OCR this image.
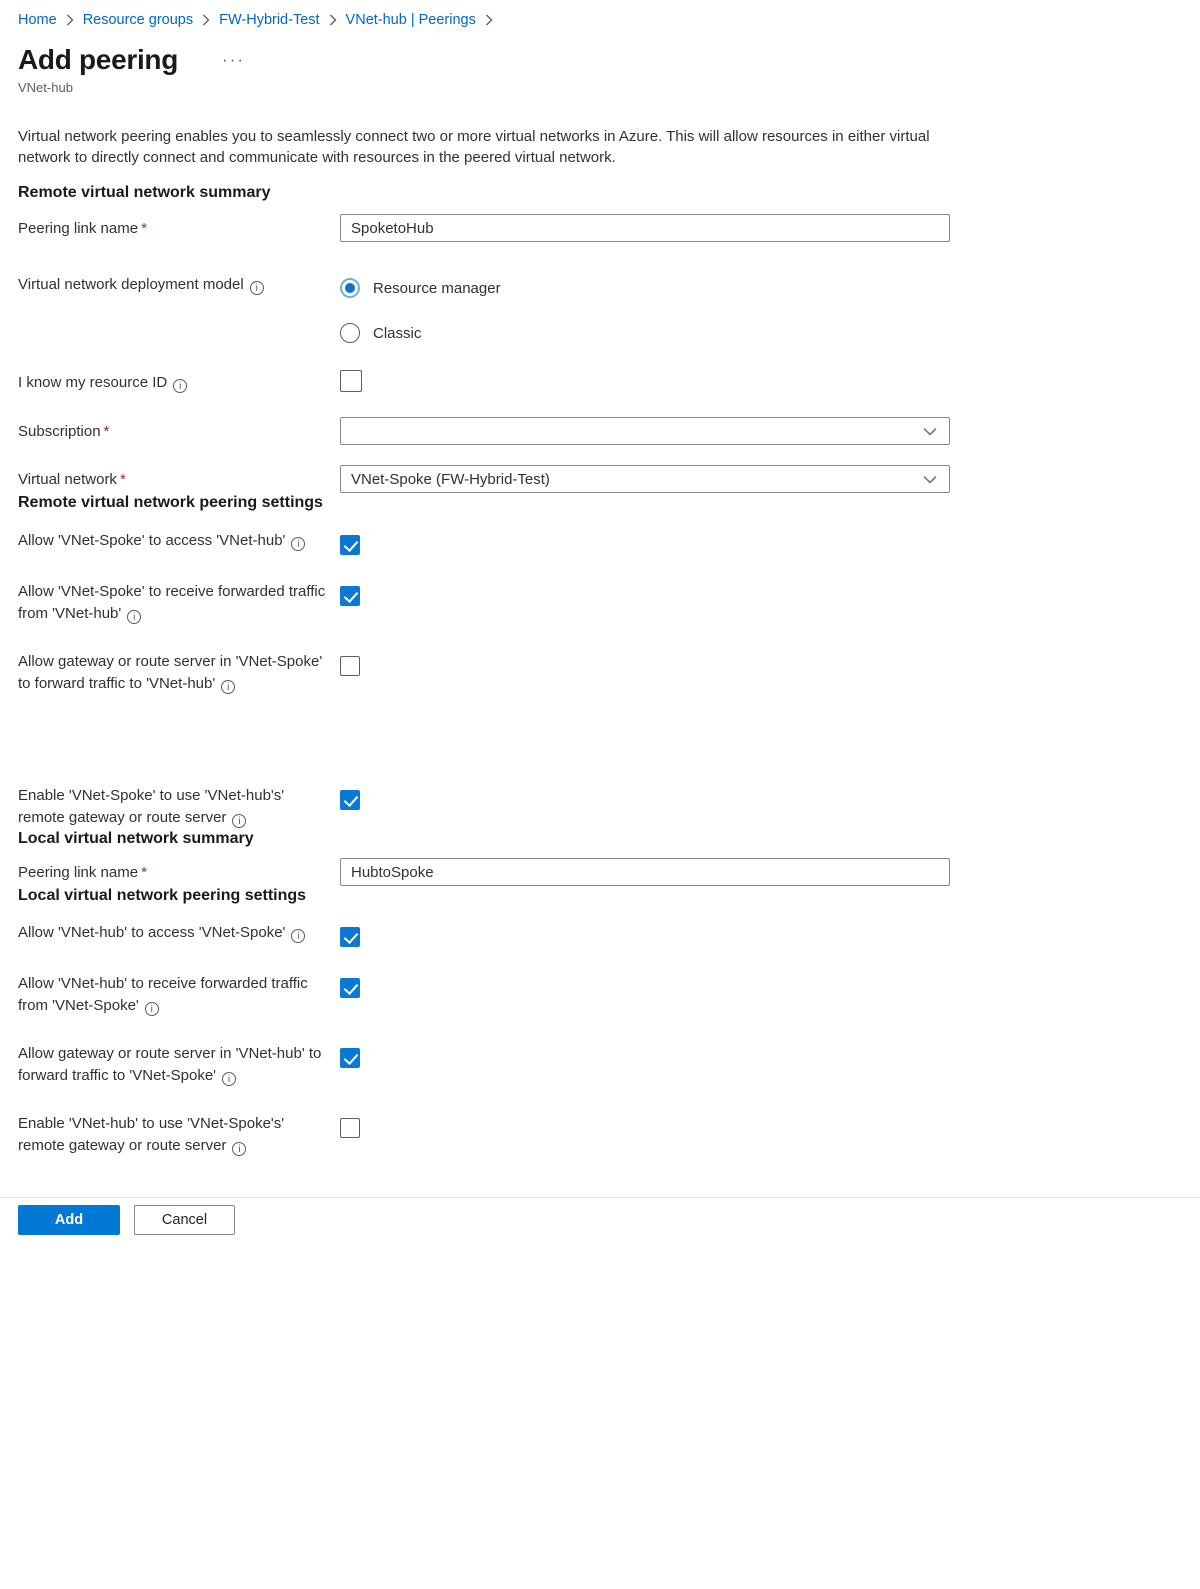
Home Resource groups FW-Hybrid-Test VNet-hub | Peerings
Add peering
···
VNet-hub

Virtual network peering enables you to seamlessly connect two or more virtual networks in Azure. This will allow resources in either virtual network to directly connect and communicate with resources in the peered virtual network.

Remote virtual network summary
Peering link name *
SpoketoHub
Virtual network deployment model i	Resource manager
Classic
I know my resource IDi
Subscription *
Virtual network *	VNet-Spoke (FW-Hybrid-Test)
Remote virtual network peering settings
Allow 'VNet-Spoke' to access 'VNet-hub'i
Allow 'VNet-Spoke' to receive forwarded traffic from 'VNet-hub'i
Allow gateway or route server in 'VNet-Spoke' to forward traffic to 'VNet-hub'i
Enable 'VNet-Spoke' to use 'VNet-hub's' remote gateway or route serveri
Local virtual network summary
Peering link name *
HubtoSpoke
Local virtual network peering settings
Allow 'VNet-hub' to access 'VNet-Spoke'i
Allow 'VNet-hub' to receive forwarded traffic from 'VNet-Spoke'i
Allow gateway or route server in 'VNet-hub' to forward traffic to 'VNet-Spoke'i
Enable 'VNet-hub' to use 'VNet-Spoke's' remote gateway or route serveri
Add	Cancel
